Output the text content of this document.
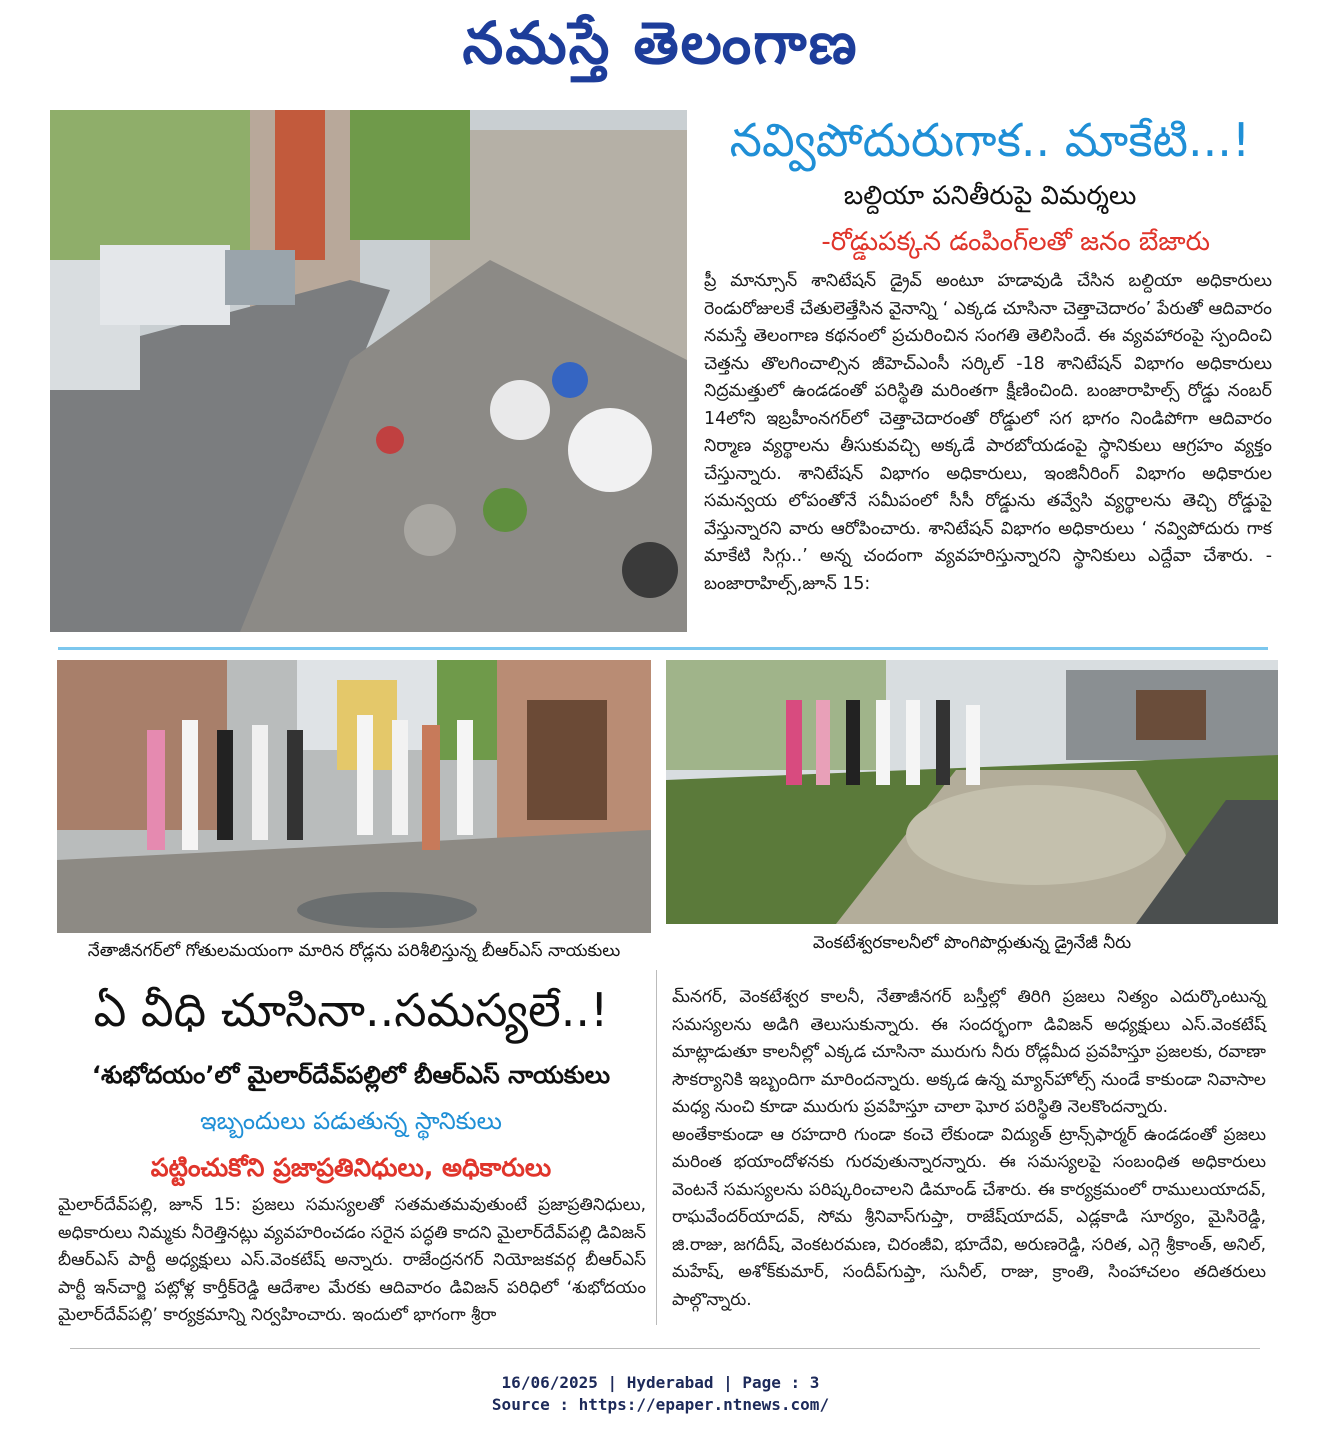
నమస్తే తెలంగాణ
నవ్విపోదురుగాక.. మాకేటి...!
బల్దియా పనితీరుపై విమర్శలు
-రోడ్డుపక్కన డంపింగ్‌లతో జనం బేజారు
ప్రీ మాన్సూన్ శానిటేషన్ డ్రైవ్ అంటూ హడావుడి చేసిన బల్దియా అధికారులు రెండురోజులకే చేతులెత్తేసిన వైనాన్ని ‘ ఎక్కడ చూసినా చెత్తాచెదారం’ పేరుతో ఆదివారం నమస్తే తెలంగాణ కథనంలో ప్రచురించిన సంగతి తెలిసిందే. ఈ వ్యవహారంపై స్పందించి చెత్తను తొలగించాల్సిన జీహెచ్ఎంసీ సర్కిల్ -18 శానిటేషన్ విభాగం అధికారులు నిద్రమత్తులో ఉండడంతో పరిస్థితి మరింతగా క్షీణించింది. బంజారాహిల్స్ రోడ్డు నంబర్ 14లోని ఇబ్రహీంనగర్‌లో చెత్తాచెదారంతో రోడ్డులో సగ భాగం నిండిపోగా ఆదివారం నిర్మాణ వ్యర్థాలను తీసుకువచ్చి అక్కడే పారబోయడంపై స్థానికులు ఆగ్రహం వ్యక్తం చేస్తున్నారు. శానిటేషన్ విభాగం అధికారులు, ఇంజినీరింగ్ విభాగం అధికారుల సమన్వయ లోపంతోనే సమీపంలో సీసీ రోడ్డును తవ్వేసి వ్యర్థాలను తెచ్చి రోడ్డుపై వేస్తున్నారని వారు ఆరోపించారు. శానిటేషన్ విభాగం అధికారులు ‘ నవ్విపోదురు గాక మాకేటి సిగ్గు..’ అన్న చందంగా వ్యవహరిస్తున్నారని స్థానికులు ఎద్దేవా చేశారు. - బంజారాహిల్స్,జూన్ 15:
నేతాజీనగర్‌లో గోతులమయంగా మారిన రోడ్లను పరిశీలిస్తున్న బీఆర్ఎస్ నాయకులు	వెంకటేశ్వరకాలనీలో పొంగిపొర్లుతున్న డ్రైనేజీ నీరు
ఏ వీధి చూసినా..సమస్యలే..!
‘శుభోదయం’లో మైలార్‌దేవ్‌పల్లిలో బీఆర్ఎస్ నాయకులు
ఇబ్బందులు పడుతున్న స్థానికులు
పట్టించుకోని ప్రజాప్రతినిధులు, అధికారులు
మైలార్‌దేవ్‌పల్లి, జూన్ 15: ప్రజలు సమస్యలతో సతమతమవుతుంటే ప్రజాప్రతినిధులు, అధికారులు నిమ్మకు నీరెత్తినట్లు వ్యవహరించడం సరైన పద్ధతి కాదని మైలార్‌దేవ్‌పల్లి డివిజన్ బీఆర్ఎస్ పార్టీ అధ్యక్షులు ఎస్.వెంకటేష్ అన్నారు. రాజేంద్రనగర్ నియోజకవర్గ బీఆర్ఎస్ పార్టీ ఇన్‌చార్జి పట్లోళ్ల కార్తీక్‌రెడ్డి ఆదేశాల మేరకు ఆదివారం డివిజన్ పరిధిలో ‘శుభోదయం మైలార్‌దేవ్‌పల్లి’ కార్యక్రమాన్ని నిర్వహించారు. ఇందులో భాగంగా శ్రీరా

మ్‌నగర్, వెంకటేశ్వర కాలనీ, నేతాజీనగర్ బస్తీల్లో తిరిగి ప్రజలు నిత్యం ఎదుర్కొంటున్న సమస్యలను అడిగి తెలుసుకున్నారు. ఈ సందర్భంగా డివిజన్ అధ్యక్షులు ఎస్.వెంకటేష్ మాట్లాడుతూ కాలనీల్లో ఎక్కడ చూసినా మురుగు నీరు రోడ్లమీద ప్రవహిస్తూ ప్రజలకు, రవాణా సౌకర్యానికి ఇబ్బందిగా మారిందన్నారు. అక్కడ ఉన్న మ్యాన్‌హోల్స్ నుండే కాకుండా నివాసాల మధ్య నుంచి కూడా మురుగు ప్రవహిస్తూ చాలా ఘోర పరిస్థితి నెలకొందన్నారు.

అంతేకాకుండా ఆ రహదారి గుండా కంచె లేకుండా విద్యుత్ ట్రాన్స్‌ఫార్మర్ ఉండడంతో ప్రజలు మరింత భయాందోళనకు గురవుతున్నారన్నారు. ఈ సమస్యలపై సంబంధిత అధికారులు వెంటనే సమస్యలను పరిష్కరించాలని డిమాండ్ చేశారు. ఈ కార్యక్రమంలో రాములుయాదవ్, రాఘవేందర్‌యాదవ్, సోమ శ్రీనివాస్‌గుప్తా, రాజేష్‌యాదవ్, ఎడ్లకాడి సూర్యం, మైసిరెడ్డి, జి.రాజు, జగదీష్, వెంకటరమణ, చిరంజీవి, భూదేవి, అరుణరెడ్డి, సరిత, ఎగ్గె శ్రీకాంత్, అనిల్, మహేష్, అశోక్‌కుమార్, సందీప్‌గుప్తా, సునీల్, రాజు, క్రాంతి, సింహాచలం తదితరులు పాల్గొన్నారు.

16/06/2025 | Hyderabad | Page : 3
Source : https://epaper.ntnews.com/
